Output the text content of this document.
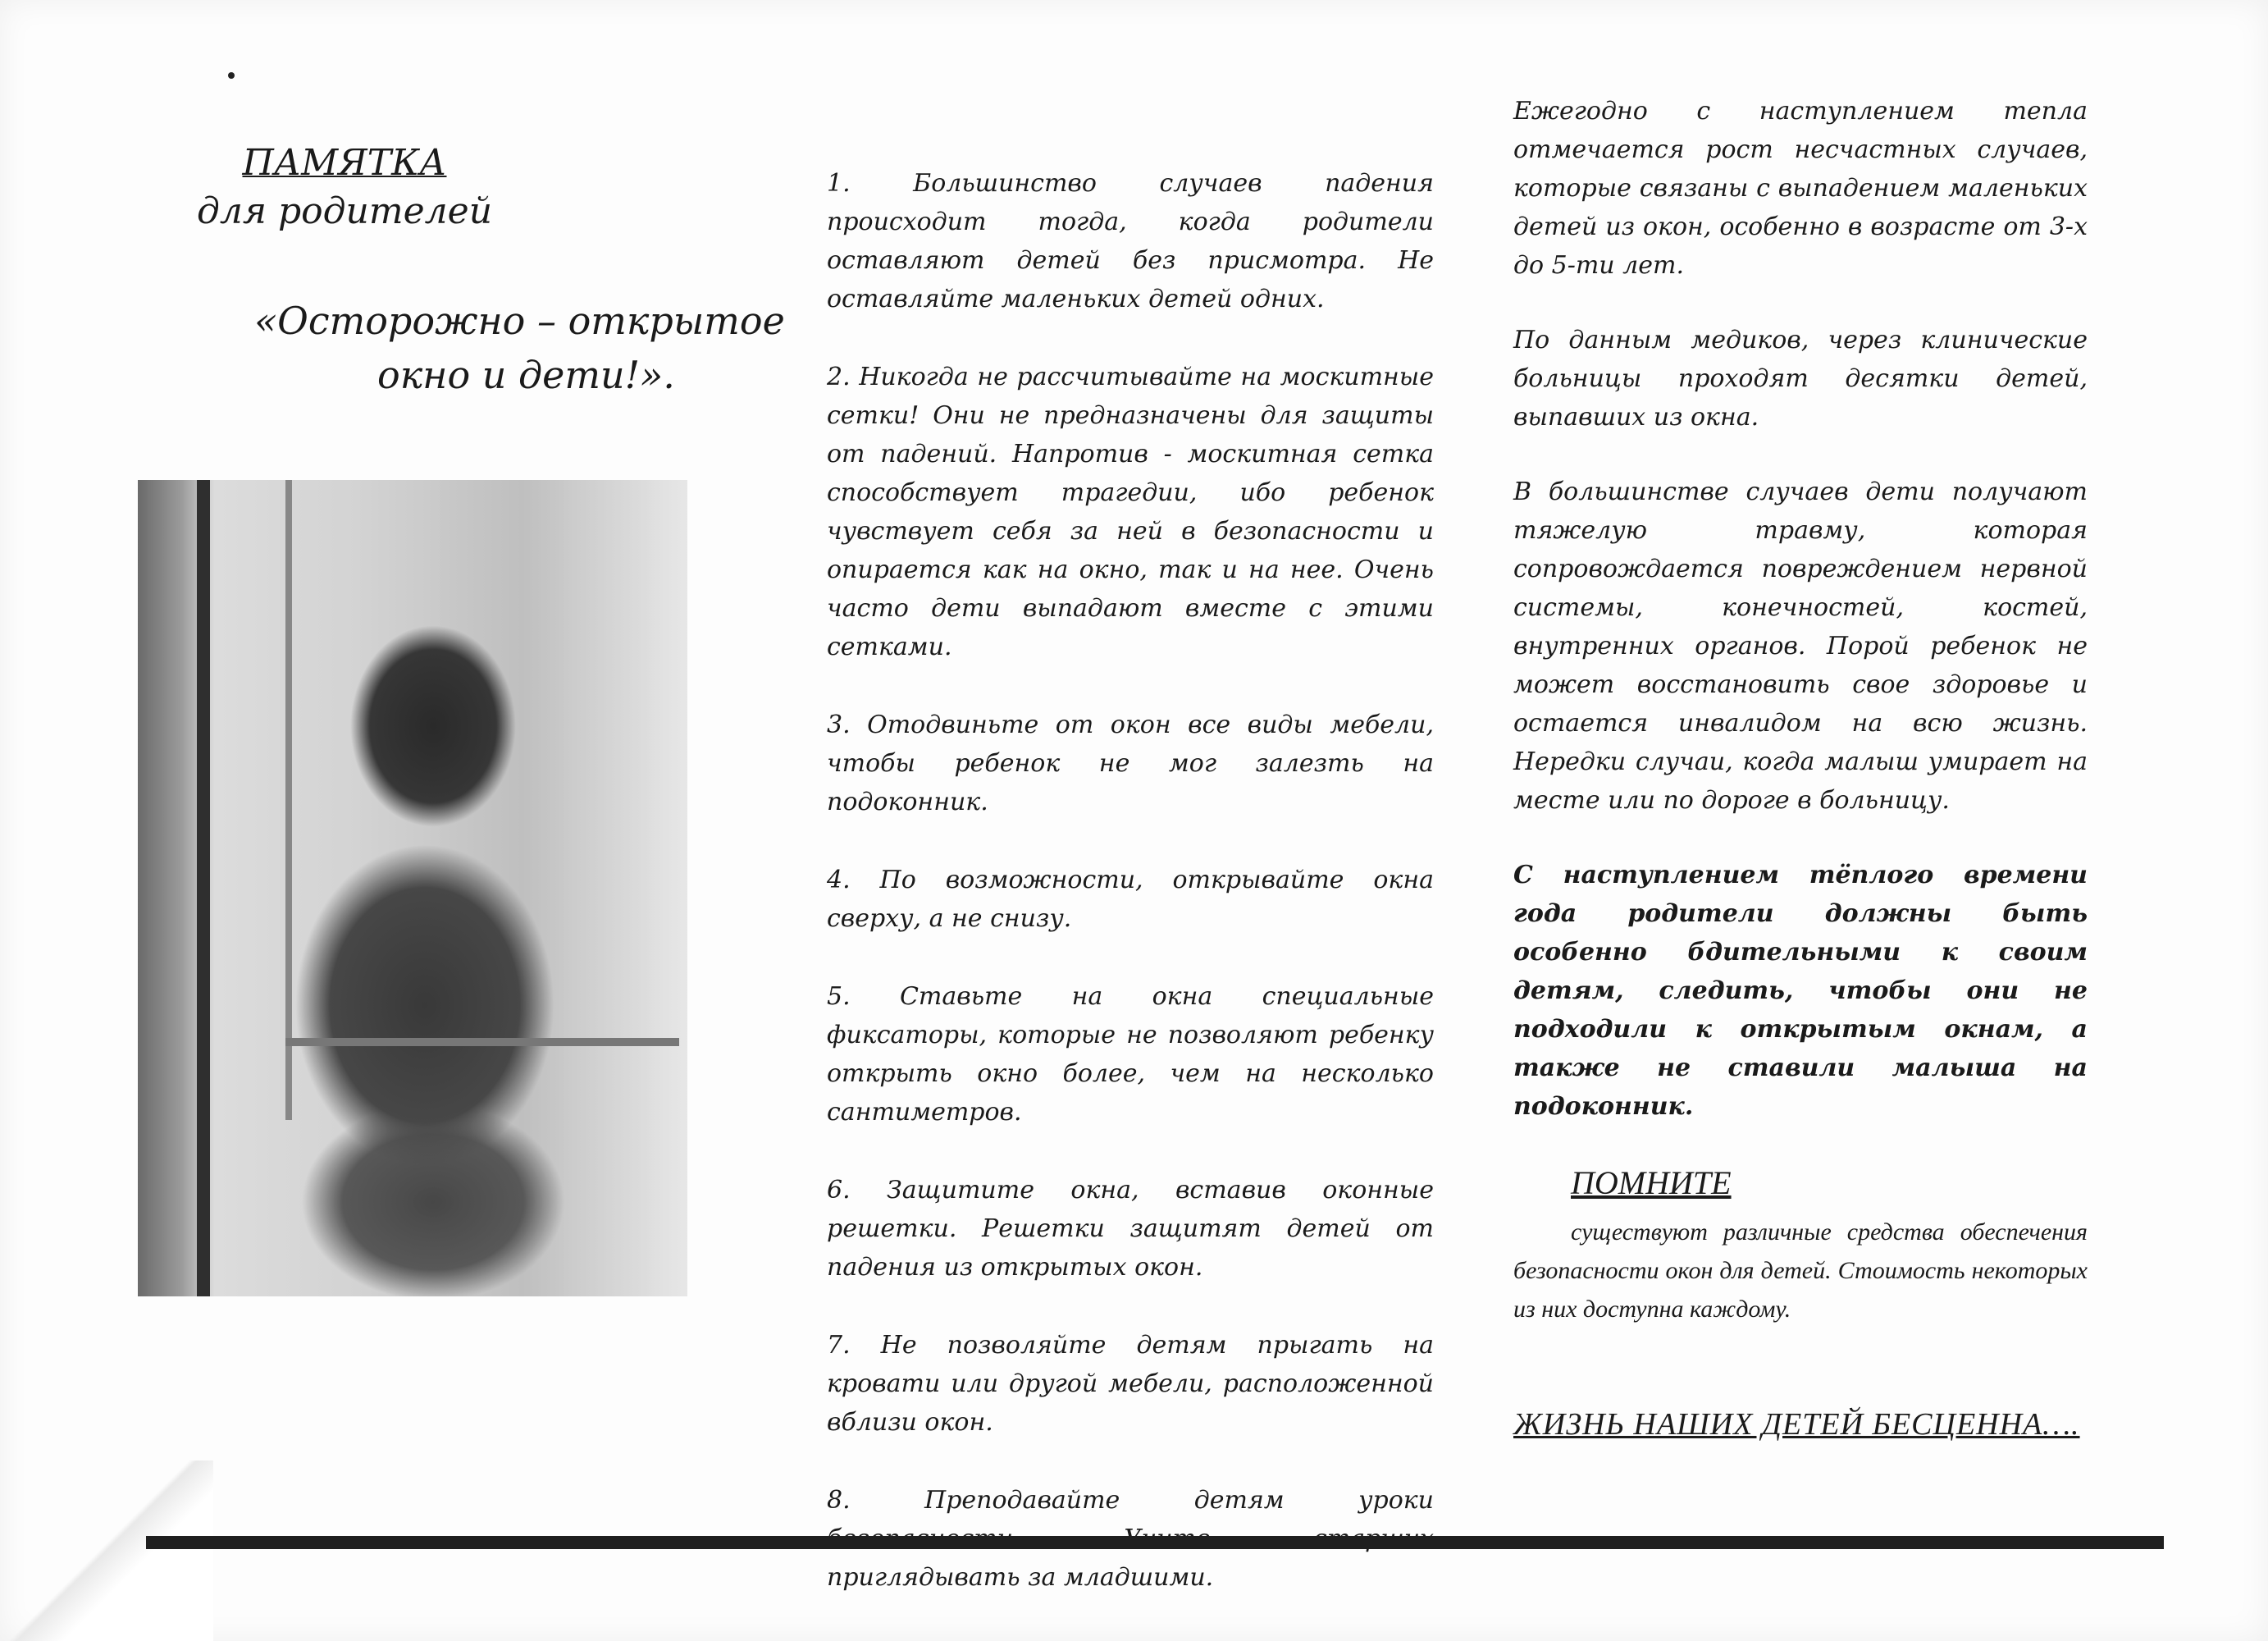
ПАМЯТКА
для родителей
«Осторожно – открытое окно и дети!».

1. Большинство случаев падения происходит тогда, когда родители оставляют детей без присмотра. Не оставляйте маленьких детей одних.

2. Никогда не рассчитывайте на москитные сетки! Они не предназначены для защиты от падений. Напротив - москитная сетка способствует трагедии, ибо ребенок чувствует себя за ней в безопасности и опирается как на окно, так и на нее. Очень часто дети выпадают вместе с этими сетками.

3. Отодвиньте от окон все виды мебели, чтобы ребенок не мог залезть на подоконник.

4. По возможности, открывайте окна сверху, а не снизу.

5. Ставьте на окна специальные фиксаторы, которые не позволяют ребенку открыть окно более, чем на несколько сантиметров.

6. Защитите окна, вставив оконные решетки. Решетки защитят детей от падения из открытых окон.

7. Не позволяйте детям прыгать на кровати или другой мебели, расположенной вблизи окон.

8. Преподавайте детям уроки приглядывать за младшими.

Ежегодно с наступлением тепла отмечается рост несчастных случаев, которые связаны с выпадением маленьких детей из окон, особенно в возрасте от 3-х до 5-ти лет.

По данным медиков, через клинические больницы проходят десятки детей, выпавших из окна.

В большинстве случаев дети получают тяжелую травму, которая сопровождается повреждением нервной системы, конечностей, костей, внутренних органов. Порой ребенок не может восстановить свое здоровье и остается инвалидом на всю жизнь. Нередки случаи, когда малыш умирает на месте или по дороге в больницу.

С наступлением тёплого времени года родители должны быть особенно бдительными к своим детям, следить, чтобы они не подходили к открытым окнам, а также не ставили малыша на подоконник.

ПОМНИТЕ

существуют различные средства обеспечения безопасности окон для детей. Стоимость некоторых из них доступна каждому.

ЖИЗНЬ НАШИХ ДЕТЕЙ БЕСЦЕННА….
